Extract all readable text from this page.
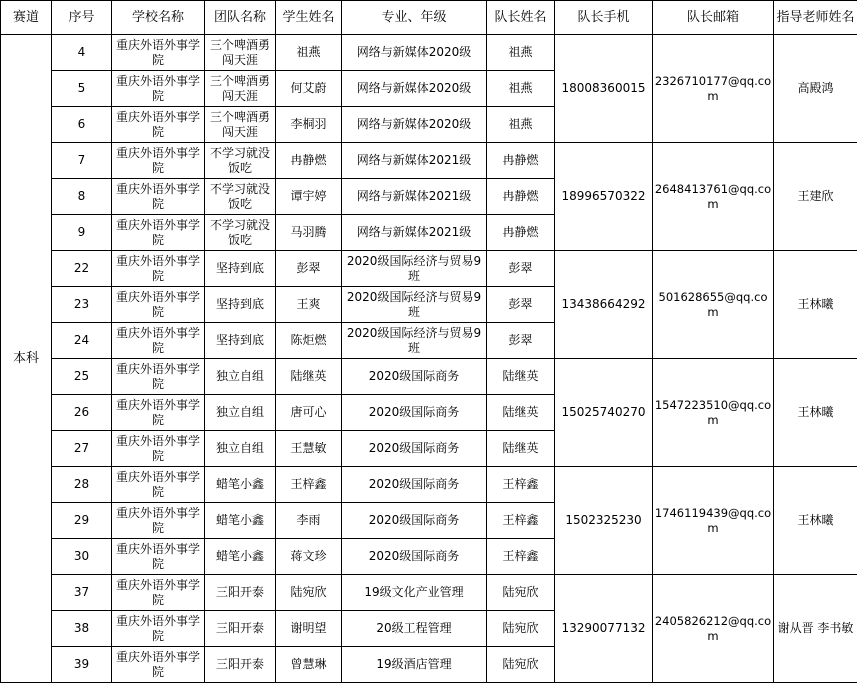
赛道	序号	学校名称	团队名称	学生姓名	专业、年级	队长姓名	队长手机	队长邮箱	指导老师姓名
本科	4	重庆外语外事学院	三个啤酒勇闯天涯	祖燕	网络与新媒体2020级	祖燕	18008360015	2326710177@qq.com	高殿鸿
	5	重庆外语外事学院	三个啤酒勇闯天涯	何艾蔚	网络与新媒体2020级	祖燕			
	6	重庆外语外事学院	三个啤酒勇闯天涯	李桐羽	网络与新媒体2020级	祖燕			
	7	重庆外语外事学院	不学习就没饭吃	冉静燃	网络与新媒体2021级	冉静燃	18996570322	2648413761@qq.com	王建欣
	8	重庆外语外事学院	不学习就没饭吃	谭宇婷	网络与新媒体2021级	冉静燃			
	9	重庆外语外事学院	不学习就没饭吃	马羽腾	网络与新媒体2021级	冉静燃			
	22	重庆外语外事学院	坚持到底	彭翠	2020级国际经济与贸易9班	彭翠	13438664292	501628655@qq.com	王林曦
	23	重庆外语外事学院	坚持到底	王爽	2020级国际经济与贸易9班	彭翠			
	24	重庆外语外事学院	坚持到底	陈炬燃	2020级国际经济与贸易9班	彭翠			
	25	重庆外语外事学院	独立自组	陆继英	2020级国际商务	陆继英	15025740270	1547223510@qq.com	王林曦
	26	重庆外语外事学院	独立自组	唐可心	2020级国际商务	陆继英			
	27	重庆外语外事学院	独立自组	王慧敏	2020级国际商务	陆继英			
	28	重庆外语外事学院	蜡笔小鑫	王梓鑫	2020级国际商务	王梓鑫	1502325230	1746119439@qq.com	王林曦
	29	重庆外语外事学院	蜡笔小鑫	李雨	2020级国际商务	王梓鑫			
	30	重庆外语外事学院	蜡笔小鑫	蒋文珍	2020级国际商务	王梓鑫			
	37	重庆外语外事学院	三阳开泰	陆宛欣	19级文化产业管理	陆宛欣	13290077132	2405826212@qq.com	谢从晋 李书敏
	38	重庆外语外事学院	三阳开泰	谢明望	20级工程管理	陆宛欣			
	39	重庆外语外事学院	三阳开泰	曾慧琳	19级酒店管理	陆宛欣			
